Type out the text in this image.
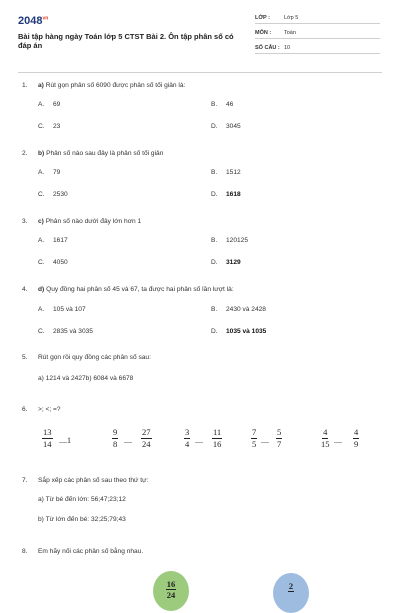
$2048^{vn}$
Bài tập hàng ngày Toán lớp 5 CTST Bài 2. Ôn tập phân số có đáp án
LỚP :	Lớp 5
MÔN : Toán
SỐ CÂU : 10
1. a) Rút gọn phân số 6090 được phân số tối giản là:
A. 69	B. 46
C. 23	D. 3045
2. b) Phân số nào sau đây là phân số tối giản
A. 79	B. 1512
C. 2530	D. 1618
3. c) Phân số nào dưới đây lớn hơn 1
A. 1617	B. 120125
C. 4050	D. 3129
4. d) Quy đồng hai phân số 45 và 67, ta được hai phân số lần lượt là:
A. 105 và 107	B. 2430 và 2428
C. 2835 và 3035	D. 1035 và 1035
5. Rút gọn rồi quy đồng các phân số sau:
a) 1214 và 2427b) 6084 và 6678
6. >; <; =?
$\frac{13}{14} ....1$	$\frac{9}{8}$ .... $\frac{27}{24}$	$\frac{3}{4}$ .... $\frac{11}{16}$	$\frac{7}{5}$ .... $\frac{5}{7}$	$\frac{4}{15}$ .... $\frac{4}{9}$
7. Sắp xếp các phân số sau theo thứ tự:
a) Từ bé đến lớn: 56;47;23;12
b) Từ lớn đến bé: 32;25;79;43
8. Em hãy nối các phân số bằng nhau.
$\frac{16}{24}$	2
